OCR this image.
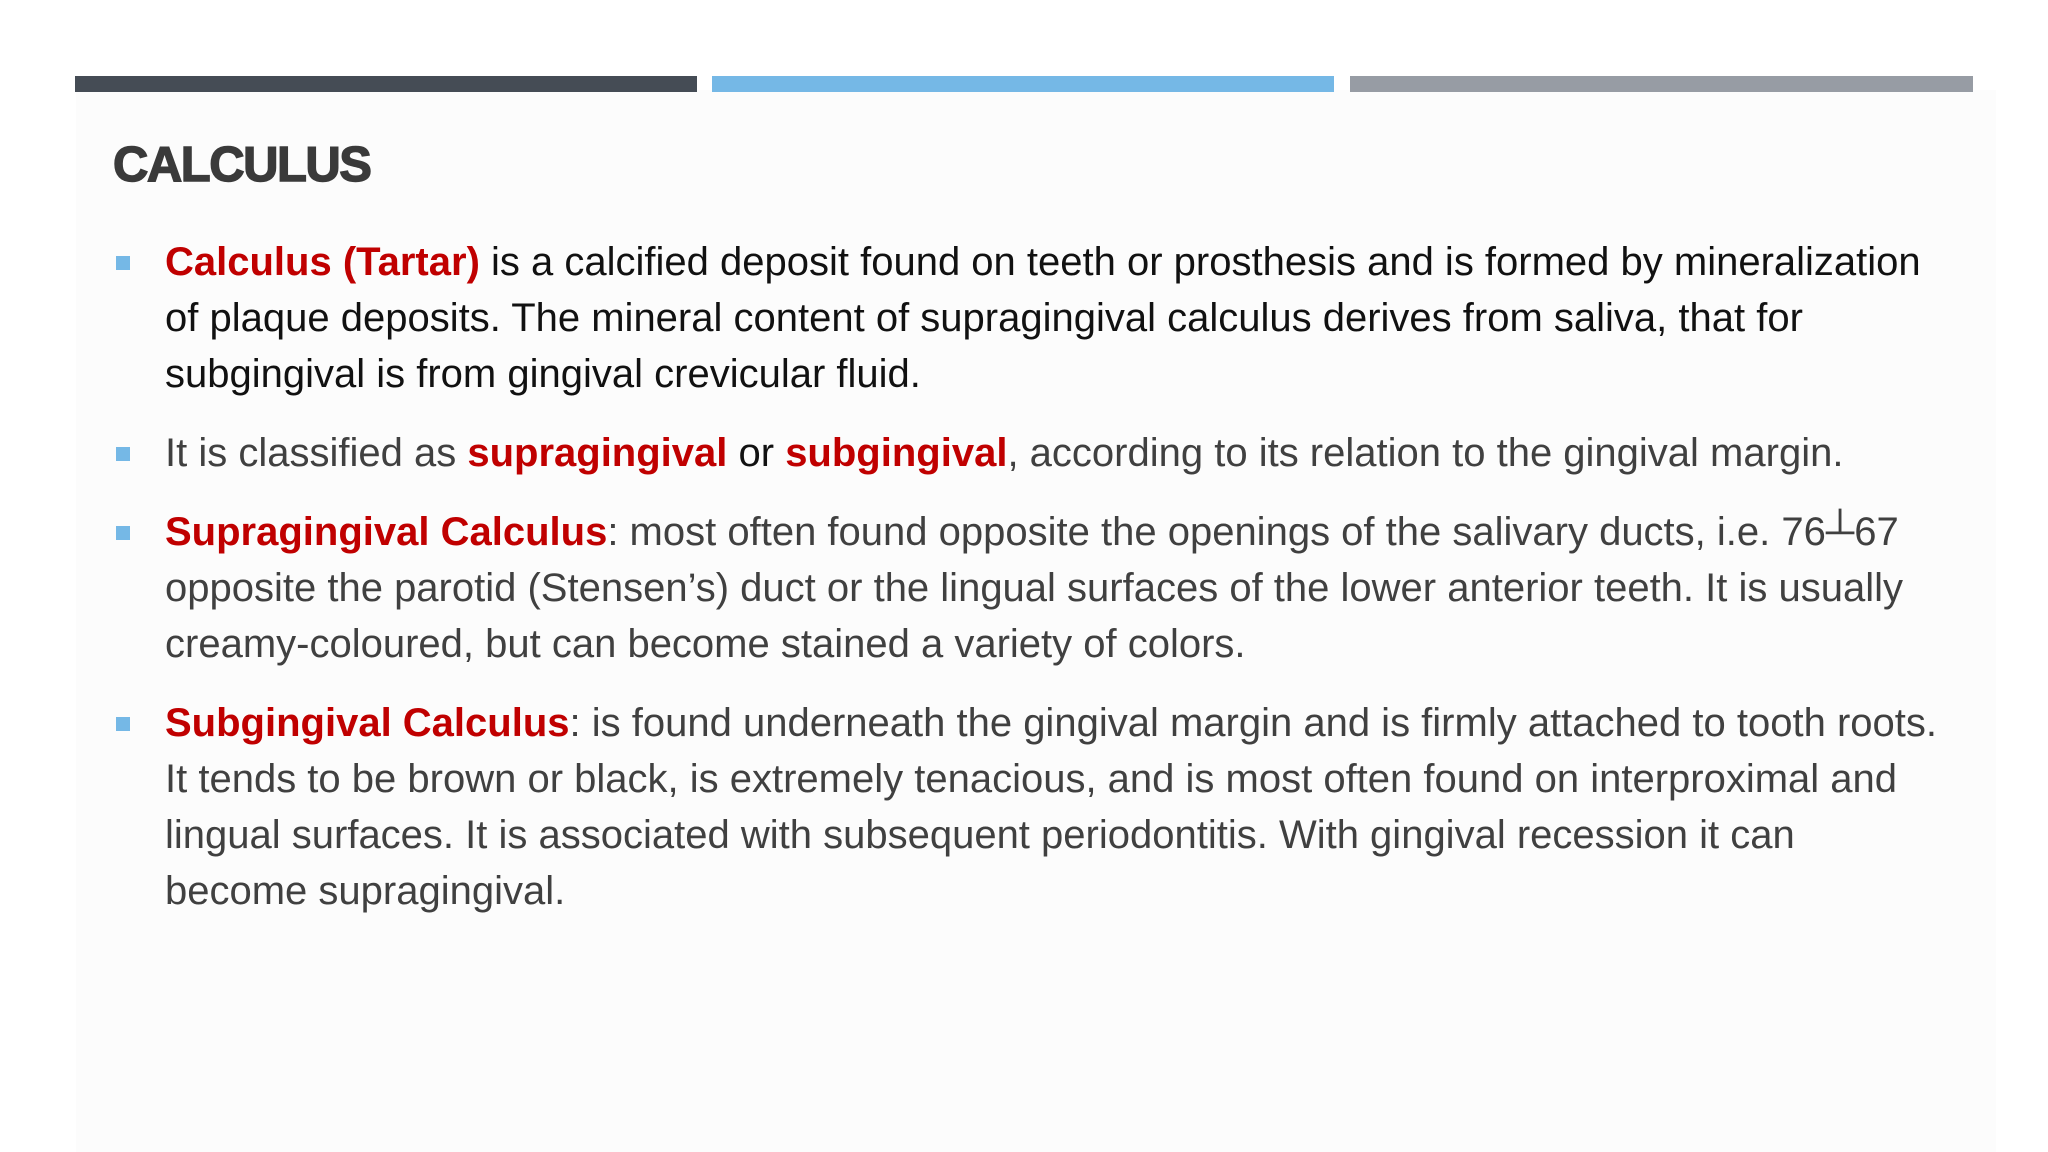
CALCULUS
Calculus (Tartar) is a calcified deposit found on teeth or prosthesis and is formed by mineralization of plaque deposits. The mineral content of supragingival calculus derives from saliva, that for subgingival is from gingival crevicular fluid.
It is classified as supragingival or subgingival, according to its relation to the gingival margin.
Supragingival Calculus: most often found opposite the openings of the salivary ducts, i.e. 76┴67 opposite the parotid (Stensen’s) duct or the lingual surfaces of the lower anterior teeth. It is usually creamy-coloured, but can become stained a variety of colors.
Subgingival Calculus: is found underneath the gingival margin and is firmly attached to tooth roots. It tends to be brown or black, is extremely tenacious, and is most often found on interproximal and lingual surfaces. It is associated with subsequent periodontitis. With gingival recession it can become supragingival.
